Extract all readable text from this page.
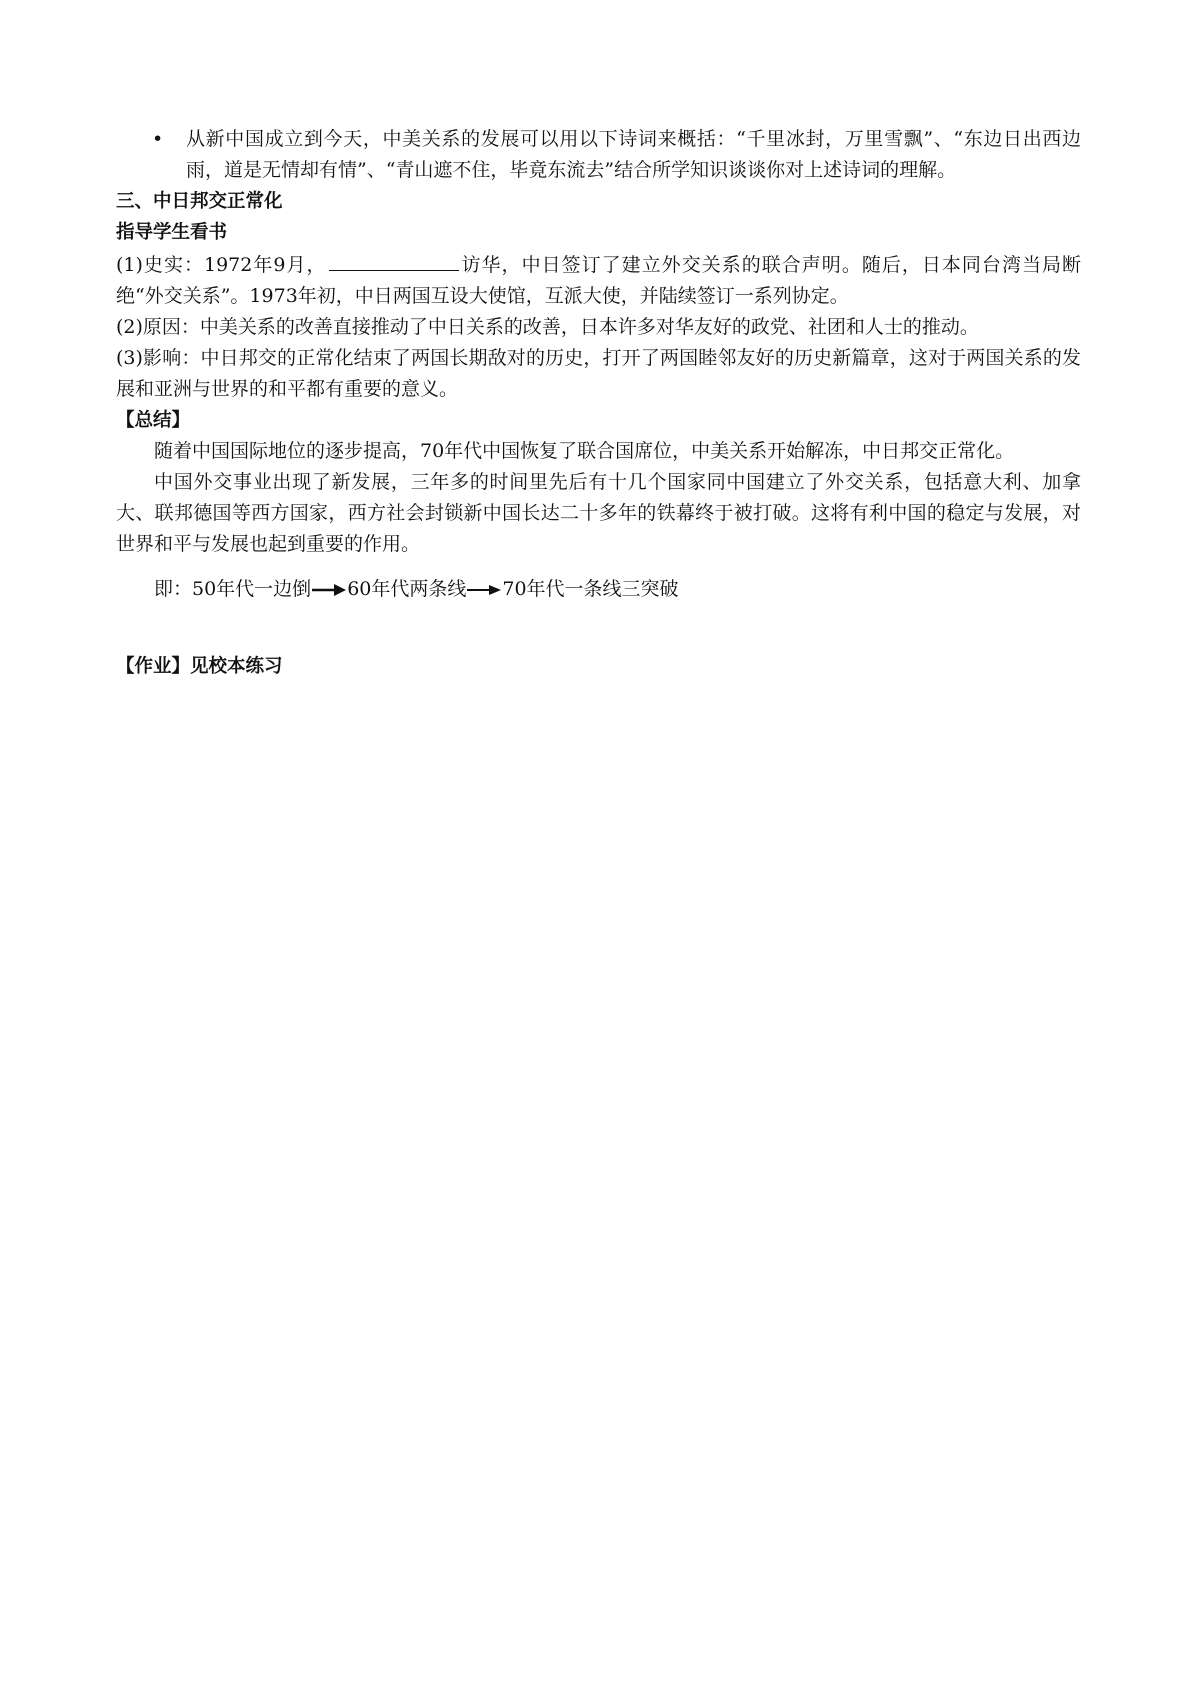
•	从新中国成立到今天，中美关系的发展可以用以下诗词来概括：“千里冰封，万里雪飘”、“东边日出西边雨，道是无情却有情”、“青山遮不住，毕竟东流去”结合所学知识谈谈你对上述诗词的理解。

三、中日邦交正常化

指导学生看书

(1)史实：1972年9月，	访华，中日签订了建立外交关系的联合声明。随后，日本同台湾当局断绝“外交关系”。1973年初，中日两国互设大使馆，互派大使，并陆续签订一系列协定。

(2)原因：中美关系的改善直接推动了中日关系的改善，日本许多对华友好的政党、社团和人士的推动。

(3)影响：中日邦交的正常化结束了两国长期敌对的历史，打开了两国睦邻友好的历史新篇章，这对于两国关系的发展和亚洲与世界的和平都有重要的意义。

【总结】

随着中国国际地位的逐步提高，70年代中国恢复了联合国席位，中美关系开始解冻，中日邦交正常化。

中国外交事业出现了新发展，三年多的时间里先后有十几个国家同中国建立了外交关系，包括意大利、加拿大、联邦德国等西方国家，西方社会封锁新中国长达二十多年的铁幕终于被打破。这将有利中国的稳定与发展，对世界和平与发展也起到重要的作用。

即：50年代一边倒 60年代两条线 70年代一条线三突破

【作业】见校本练习
